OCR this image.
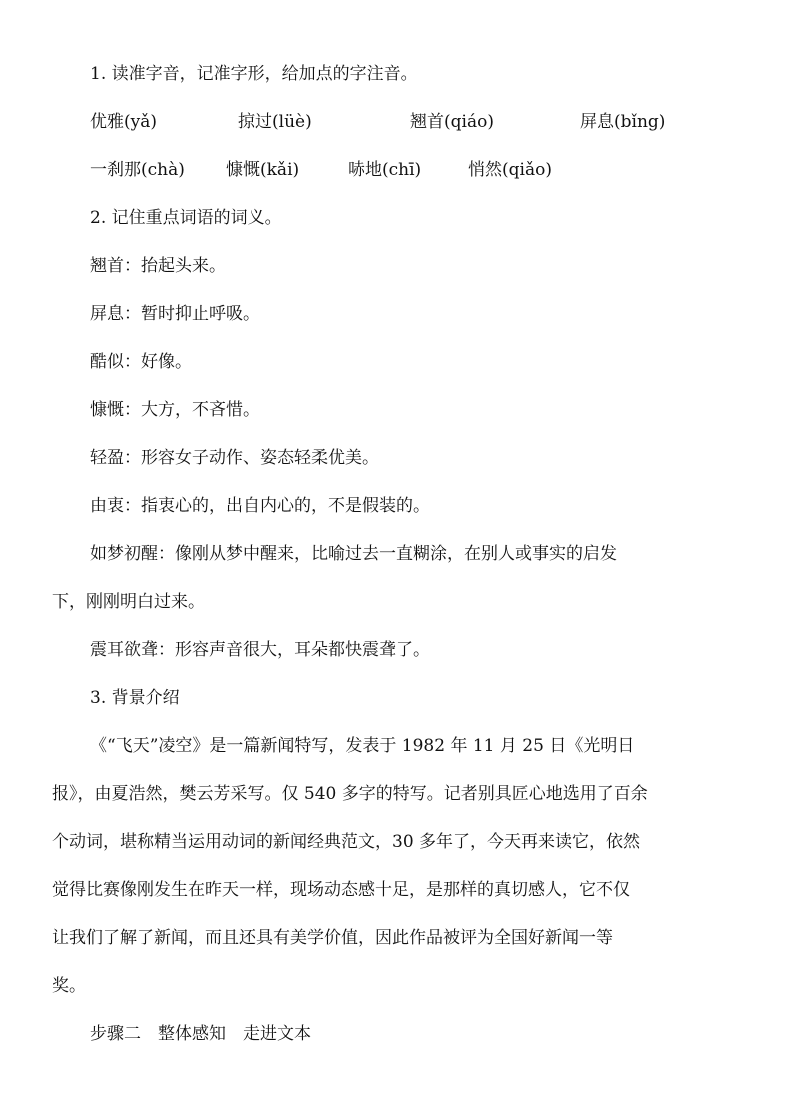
1. 读准字音，记准字形，给加点的字注音。
优雅(yǎ)	掠过(lüè)	翘首(qiáo)	屏息(bǐng)
一刹那(chà) 慷慨(kǎi)	哧地(chī)	悄然(qiǎo)
2. 记住重点词语的词义。
翘首：抬起头来。
屏息：暂时抑止呼吸。
酷似：好像。
慷慨：大方，不吝惜。
轻盈：形容女子动作、姿态轻柔优美。
由衷：指衷心的，出自内心的，不是假装的。
如梦初醒：像刚从梦中醒来，比喻过去一直糊涂，在别人或事实的启发
下，刚刚明白过来。
震耳欲聋：形容声音很大，耳朵都快震聋了。
3. 背景介绍
《“飞天”凌空》是一篇新闻特写，发表于 1982 年 11 月 25 日《光明日
报》，由夏浩然，樊云芳采写。仅 540 多字的特写。记者别具匠心地选用了百余
个动词，堪称精当运用动词的新闻经典范文，30 多年了，今天再来读它，依然
觉得比赛像刚发生在昨天一样，现场动态感十足，是那样的真切感人，它不仅
让我们了解了新闻，而且还具有美学价值，因此作品被评为全国好新闻一等
奖。
步骤二　整体感知　走进文本
